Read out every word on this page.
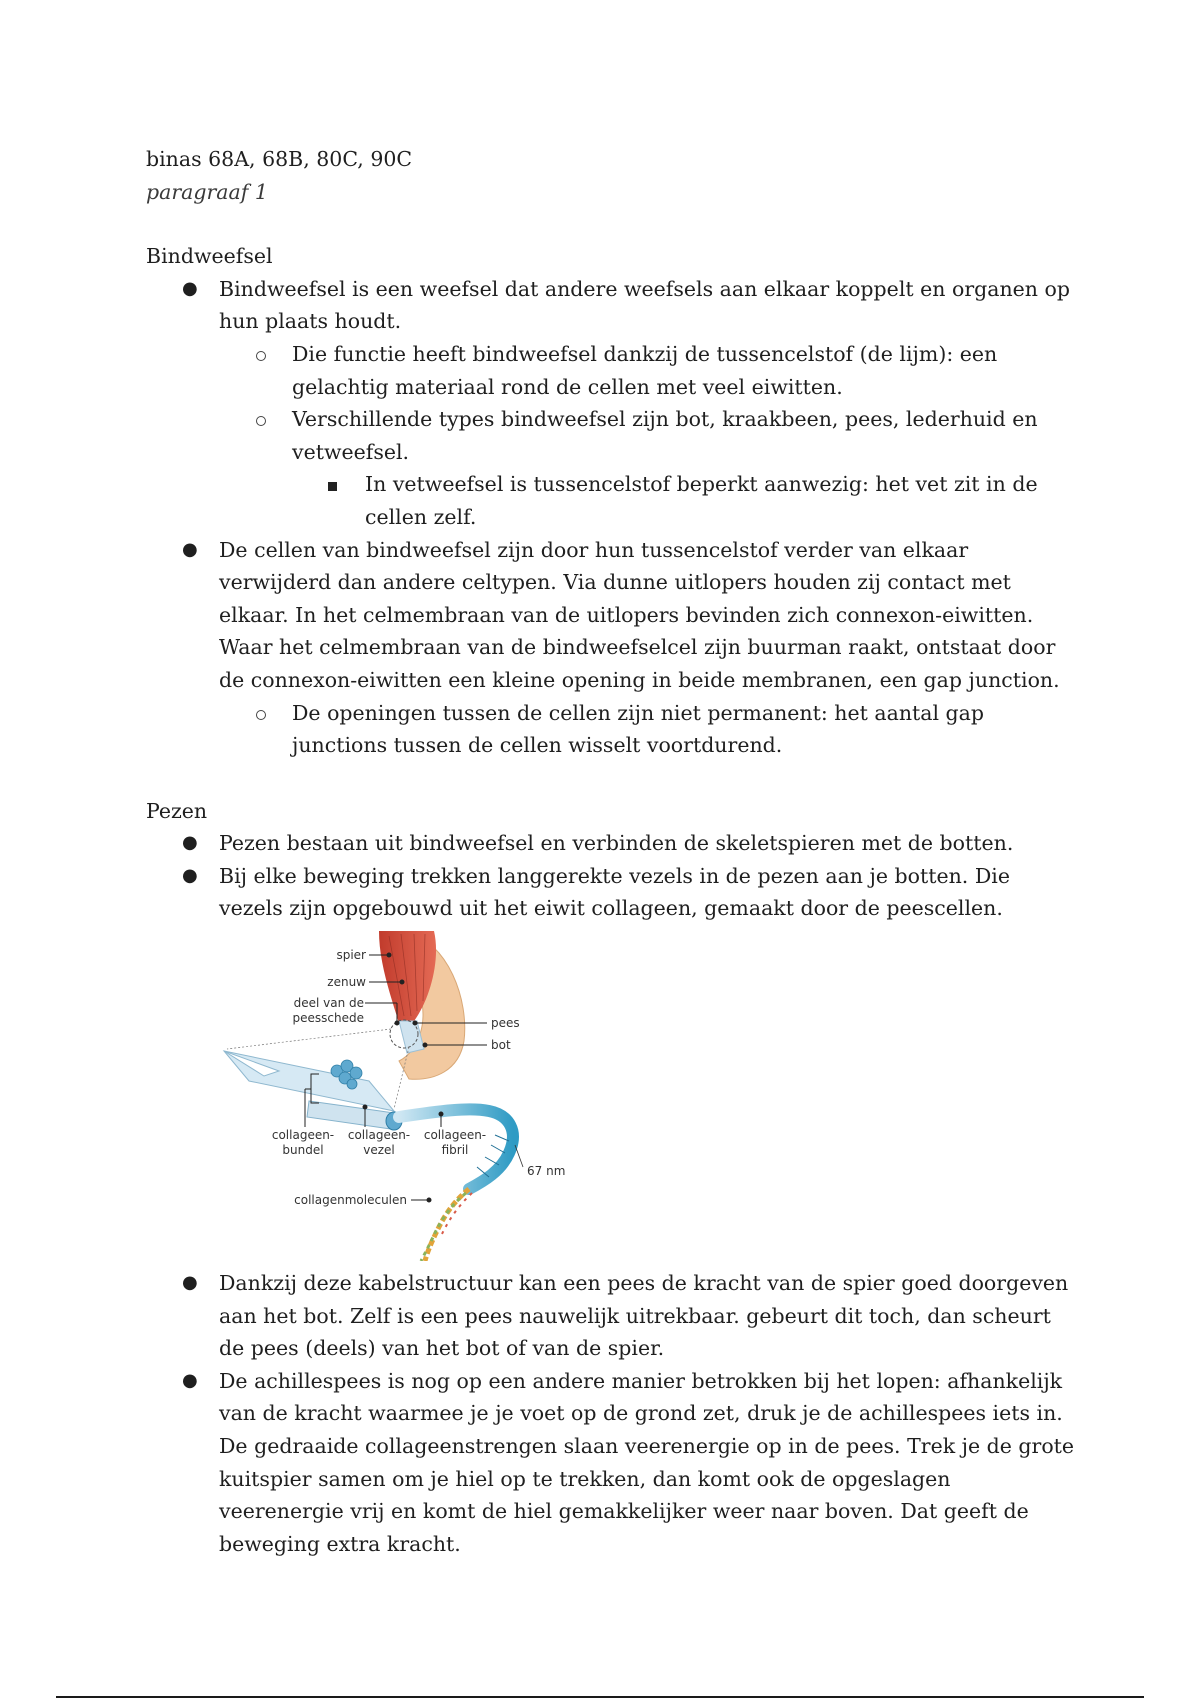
binas 68A, 68B, 80C, 90C

paragraaf 1

Bindweefsel

● Bindweefsel is een weefsel dat andere weefsels aan elkaar koppelt en organen op hun plaats houdt.
Die functie heeft bindweefsel dankzij de tussencelstof (de lijm): een gelachtig materiaal rond de cellen met veel eiwitten.
Verschillende types bindweefsel zijn bot, kraakbeen, pees, lederhuid en vetweefsel.
In vetweefsel is tussencelstof beperkt aanwezig: het vet zit in de cellen zelf.
● De cellen van bindweefsel zijn door hun tussencelstof verder van elkaar verwijderd dan andere celtypen. Via dunne uitlopers houden zij contact met elkaar. In het celmembraan van de uitlopers bevinden zich connexon-eiwitten. Waar het celmembraan van de bindweefselcel zijn buurman raakt, ontstaat door de connexon-eiwitten een kleine opening in beide membranen, een gap junction.
De openingen tussen de cellen zijn niet permanent: het aantal gap junctions tussen de cellen wisselt voortdurend.

Pezen

● Pezen bestaan uit bindweefsel en verbinden de skeletspieren met de botten.
● Bij elke beweging trekken langgerekte vezels in de pezen aan je botten. Die vezels zijn opgebouwd uit het eiwit collageen, gemaakt door de peescellen.
spier
zenuw
deel van de
peesschede	pees
bot
collageen-
bundel
collageen-
vezel
collageen-
fibril
67 nm
collagenmoleculen
● Dankzij deze kabelstructuur kan een pees de kracht van de spier goed doorgeven aan het bot. Zelf is een pees nauwelijk uitrekbaar. gebeurt dit toch, dan scheurt de pees (deels) van het bot of van de spier.
● De achillespees is nog op een andere manier betrokken bij het lopen: afhankelijk van de kracht waarmee je je voet op de grond zet, druk je de achillespees iets in. De gedraaide collageenstrengen slaan veerenergie op in de pees. Trek je de grote kuitspier samen om je hiel op te trekken, dan komt ook de opgeslagen veerenergie vrij en komt de hiel gemakkelijker weer naar boven. Dat geeft de beweging extra kracht.
